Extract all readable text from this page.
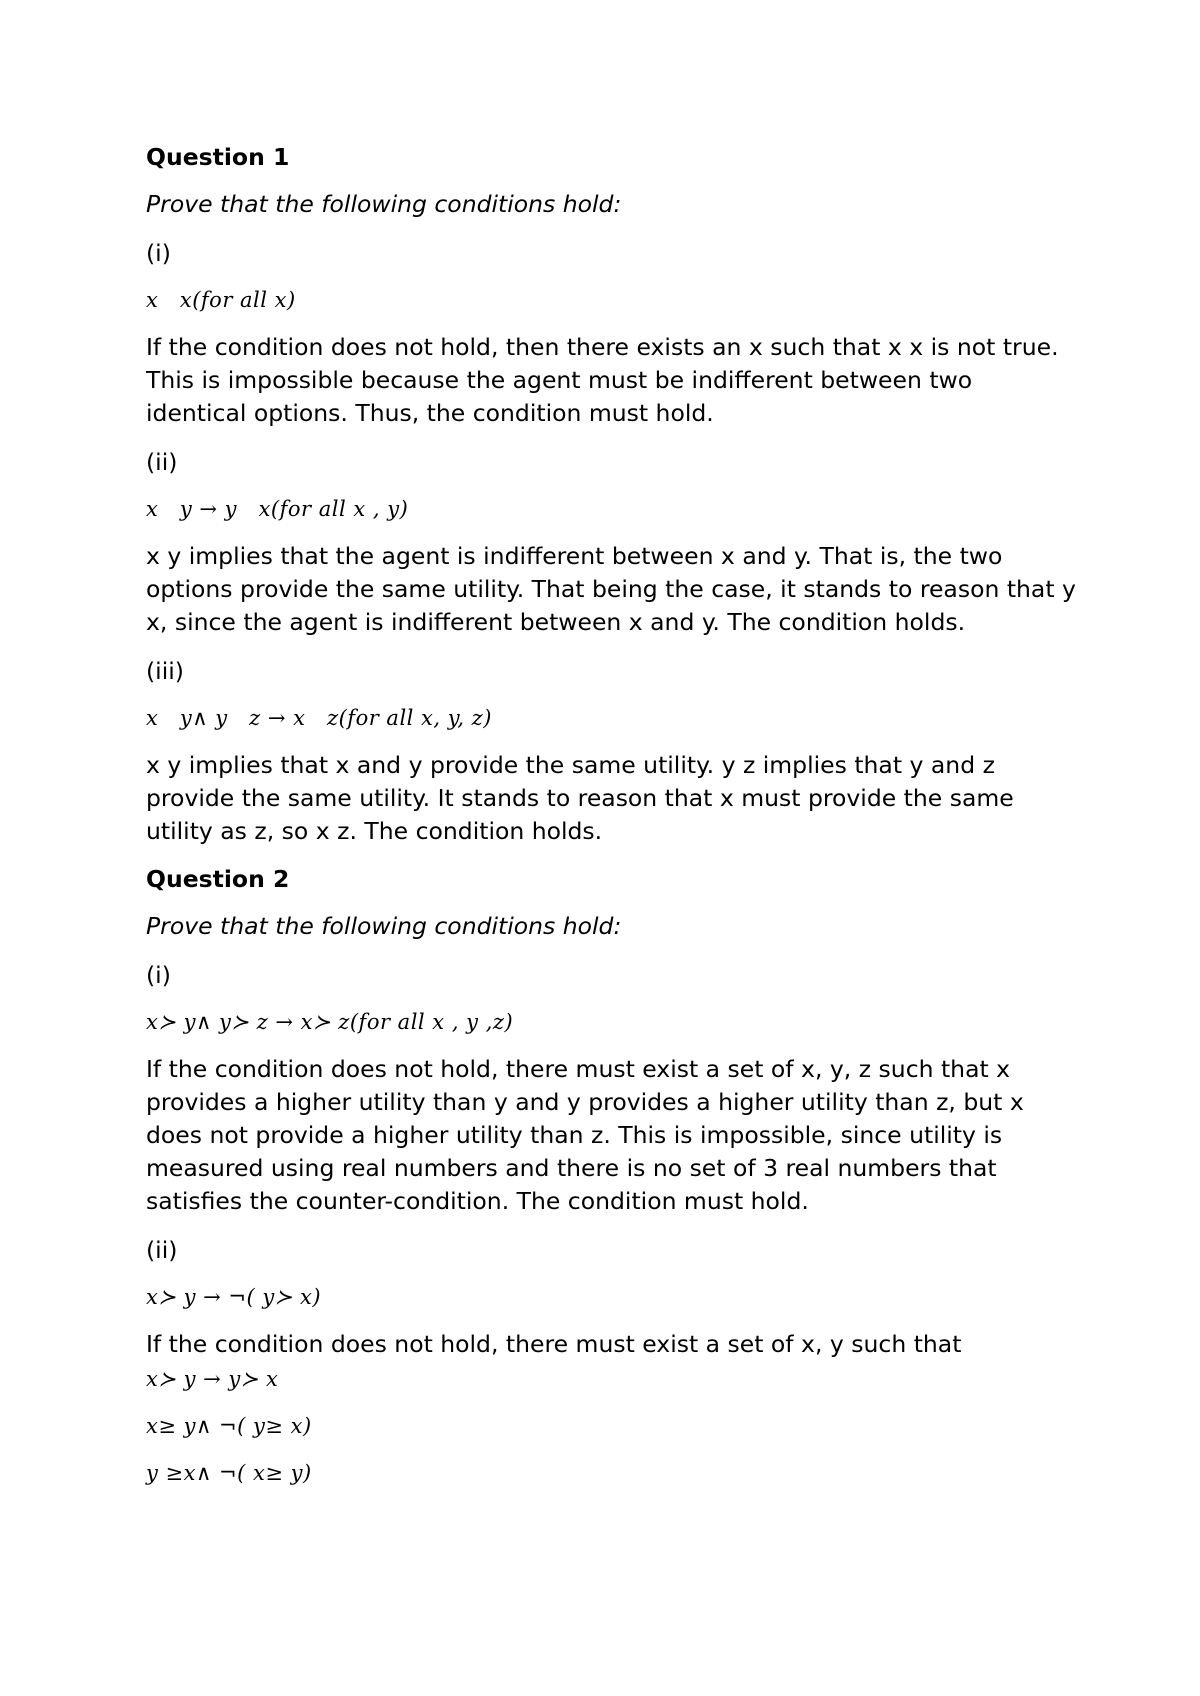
Question 1

Prove that the following conditions hold:

(i)

x   x(for all x)

If the condition does not hold, then there exists an x such that x x is not true. This is impossible because the agent must be indifferent between two identical options. Thus, the condition must hold.

(ii)

x   y → y   x(for all x , y)

x y implies that the agent is indifferent between x and y. That is, the two options provide the same utility. That being the case, it stands to reason that y x, since the agent is indifferent between x and y. The condition holds.

(iii)

x   y∧ y   z → x   z(for all x, y, z)

x y implies that x and y provide the same utility. y z implies that y and z provide the same utility. It stands to reason that x must provide the same utility as z, so x z. The condition holds.

Question 2

Prove that the following conditions hold:

(i)

x≻ y∧ y≻ z → x≻ z(for all x , y ,z)

If the condition does not hold, there must exist a set of x, y, z such that x provides a higher utility than y and y provides a higher utility than z, but x does not provide a higher utility than z. This is impossible, since utility is measured using real numbers and there is no set of 3 real numbers that satisfies the counter-condition. The condition must hold.

(ii)

x≻ y → ¬( y≻ x)

If the condition does not hold, there must exist a set of x, y such that

x≻ y → y≻ x
x≥ y∧ ¬( y≥ x)
y ≥x∧ ¬( x≥ y)
